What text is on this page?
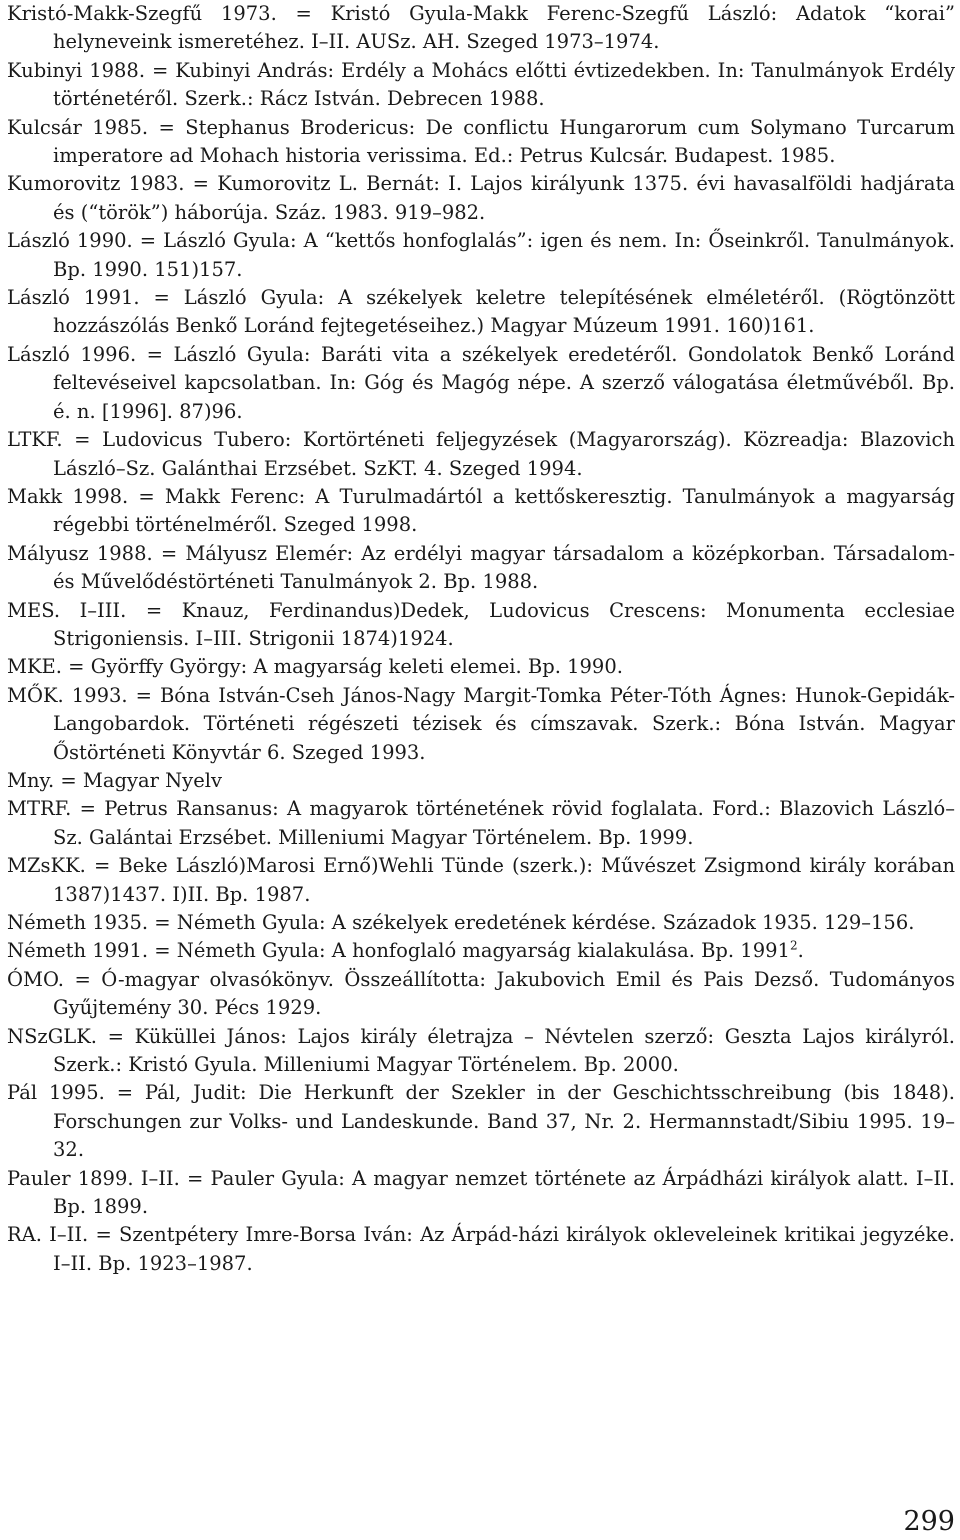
Kristó-Makk-Szegfű 1973. = Kristó Gyula-Makk Ferenc-Szegfű László: Adatok “korai” helyneveink ismeretéhez. I–II. AUSz. AH. Szeged 1973–1974.

Kubinyi 1988. = Kubinyi András: Erdély a Mohács előtti évtizedekben. In: Tanulmányok Erdély történetéről. Szerk.: Rácz István. Debrecen 1988.

Kulcsár 1985. = Stephanus Brodericus: De conflictu Hungarorum cum Solymano Turcarum imperatore ad Mohach historia verissima. Ed.: Petrus Kulcsár. Budapest. 1985.

Kumorovitz 1983. = Kumorovitz L. Bernát: I. Lajos királyunk 1375. évi havasalföldi hadjárata és (“török”) háborúja. Száz. 1983. 919–982.

László 1990. = László Gyula: A “kettős honfoglalás”: igen és nem. In: Őseinkről. Tanulmányok. Bp. 1990. 151)157.

László 1991. = László Gyula: A székelyek keletre telepítésének elméletéről. (Rögtönzött hozzászólás Benkő Loránd fejtegetéseihez.) Magyar Múzeum 1991. 160)161.

László 1996. = László Gyula: Baráti vita a székelyek eredetéről. Gondolatok Benkő Loránd feltevéseivel kapcsolatban. In: Góg és Magóg népe. A szerző válogatása életművéből. Bp. é. n. [1996]. 87)96.

LTKF. = Ludovicus Tubero: Kortörténeti feljegyzések (Magyarország). Közreadja: Blazovich László–Sz. Galánthai Erzsébet. SzKT. 4. Szeged 1994.

Makk 1998. = Makk Ferenc: A Turulmadártól a kettőskeresztig. Tanulmányok a magyarság régebbi történelméről. Szeged 1998.

Mályusz 1988. = Mályusz Elemér: Az erdélyi magyar társadalom a középkorban. Társadalom- és Művelődéstörténeti Tanulmányok 2. Bp. 1988.

MES. I–III. = Knauz, Ferdinandus)Dedek, Ludovicus Crescens: Monumenta ecclesiae Strigoniensis. I–III. Strigonii 1874)1924.

MKE. = Györffy György: A magyarság keleti elemei. Bp. 1990.

MŐK. 1993. = Bóna István-Cseh János-Nagy Margit-Tomka Péter-Tóth Ágnes: Hunok-Gepidák-Langobardok. Történeti régészeti tézisek és címszavak. Szerk.: Bóna István. Magyar Őstörténeti Könyvtár 6. Szeged 1993.

Mny. = Magyar Nyelv

MTRF. = Petrus Ransanus: A magyarok történetének rövid foglalata. Ford.: Blazovich László–Sz. Galántai Erzsébet. Milleniumi Magyar Történelem. Bp. 1999.

MZsKK. = Beke László)Marosi Ernő)Wehli Tünde (szerk.): Művészet Zsigmond király korában 1387)1437. I)II. Bp. 1987.

Németh 1935. = Németh Gyula: A székelyek eredetének kérdése. Századok 1935. 129–156.

Németh 1991. = Németh Gyula: A honfoglaló magyarság kialakulása. Bp. 1991$^2$.

ÓMO. = Ó-magyar olvasókönyv. Összeállította: Jakubovich Emil és Pais Dezső. Tudományos Gyűjtemény 30. Pécs 1929.

NSzGLK. = Küküllei János: Lajos király életrajza – Névtelen szerző: Geszta Lajos királyról. Szerk.: Kristó Gyula. Milleniumi Magyar Történelem. Bp. 2000.

Pál 1995. = Pál, Judit: Die Herkunft der Szekler in der Geschichtsschreibung (bis 1848). Forschungen zur Volks- und Landeskunde. Band 37, Nr. 2. Hermannstadt/Sibiu 1995. 19–32.

Pauler 1899. I–II. = Pauler Gyula: A magyar nemzet története az Árpádházi királyok alatt. I–II. Bp. 1899.

RA. I–II. = Szentpétery Imre-Borsa Iván: Az Árpád-házi királyok okleveleinek kritikai jegyzéke. I–II. Bp. 1923–1987.

299
